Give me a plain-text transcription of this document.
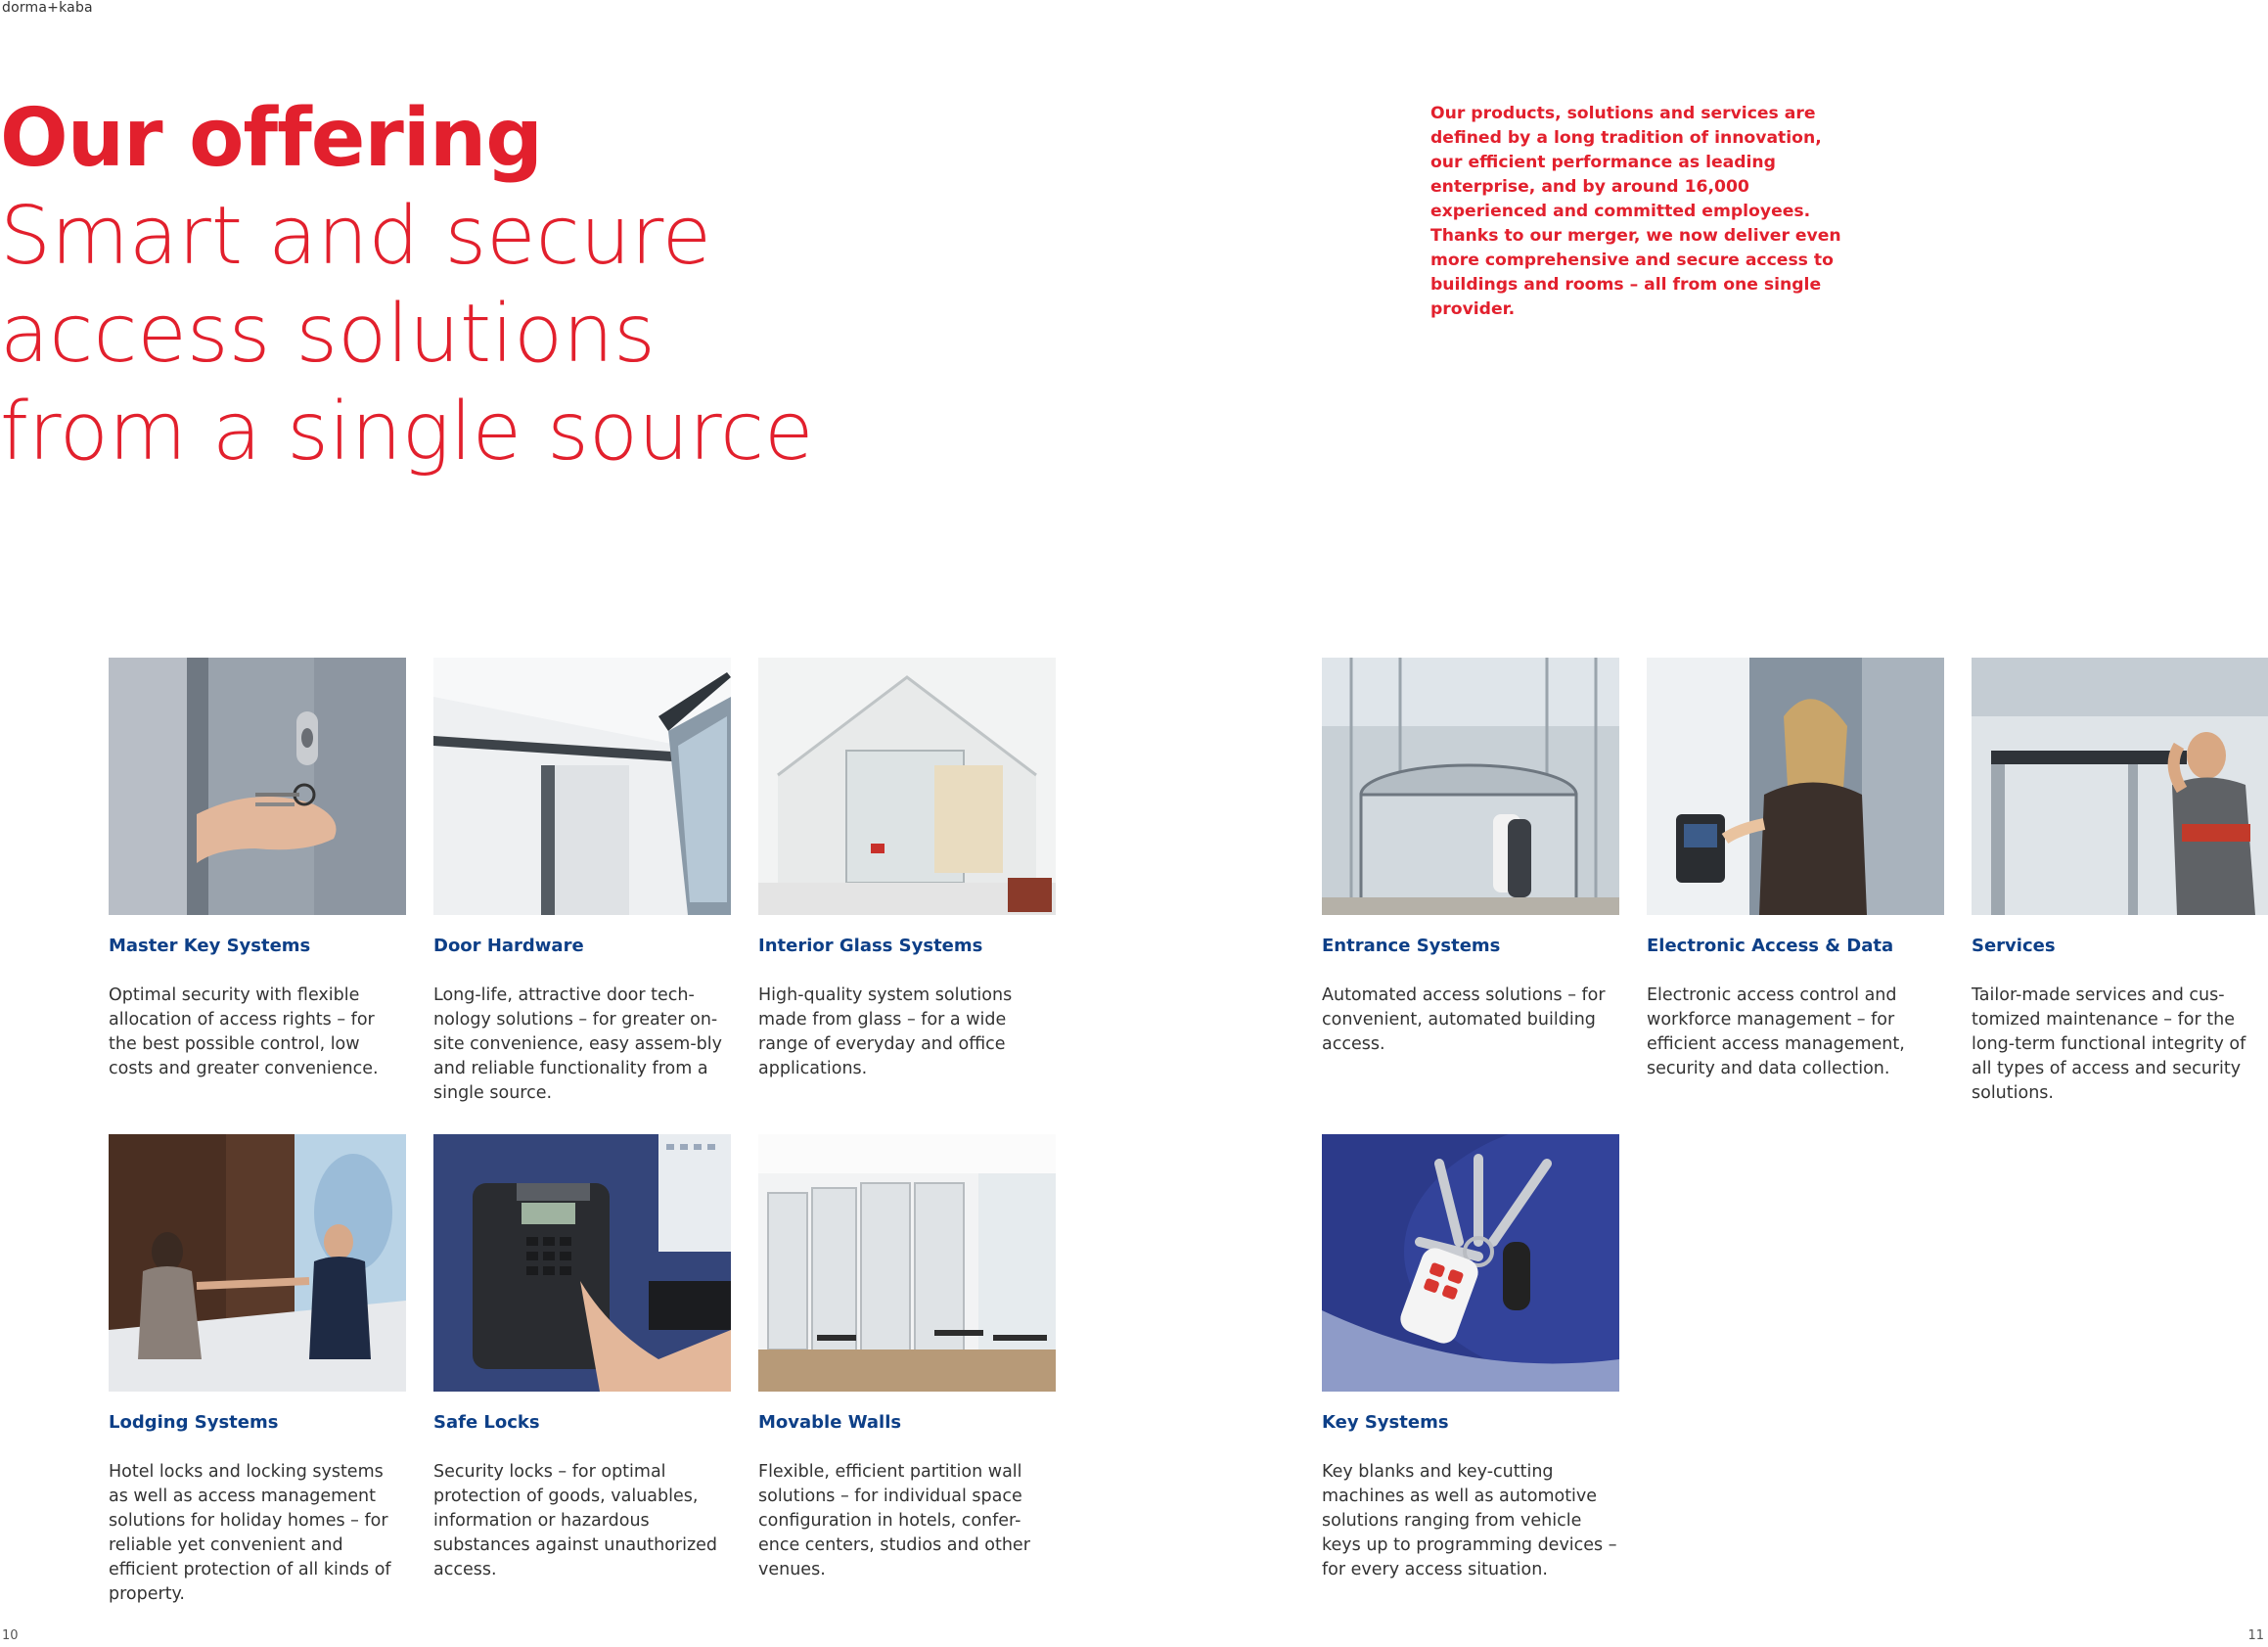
dorma+kaba
Our offering
Smart and secure
access solutions
from a single source
Our products, solutions and services are defined by a long tradition of innovation, our efficient performance as leading enterprise, and by around 16,000 experienced and committed employees. Thanks to our merger, we now deliver even more comprehensive and secure access to buildings and rooms – all from one single provider.
Master Key Systems
Optimal security with flexible allocation of access rights – for the best possible control, low costs and greater convenience.
Door Hardware
Long-life, attractive door tech-nology solutions – for greater on-site convenience, easy assem-bly and reliable functionality from a single source.
Interior Glass Systems
High-quality system solutions made from glass – for a wide range of everyday and office applications.
Entrance Systems
Automated access solutions – for convenient, automated building access.
Electronic Access & Data
Electronic access control and workforce management – for efficient access management, security and data collection.
Services
Tailor-made services and cus-tomized maintenance – for the long-term functional integrity of all types of access and security solutions.
Lodging Systems
Hotel locks and locking systems as well as access management solutions for holiday homes – for reliable yet convenient and efficient protection of all kinds of property.
Safe Locks
Security locks – for optimal protection of goods, valuables, information or hazardous substances against unauthorized access.
Movable Walls
Flexible, efficient partition wall solutions – for individual space configuration in hotels, confer-ence centers, studios and other venues.
Key Systems
Key blanks and key-cutting machines as well as automotive solutions ranging from vehicle keys up to programming devices – for every access situation.
10	11
